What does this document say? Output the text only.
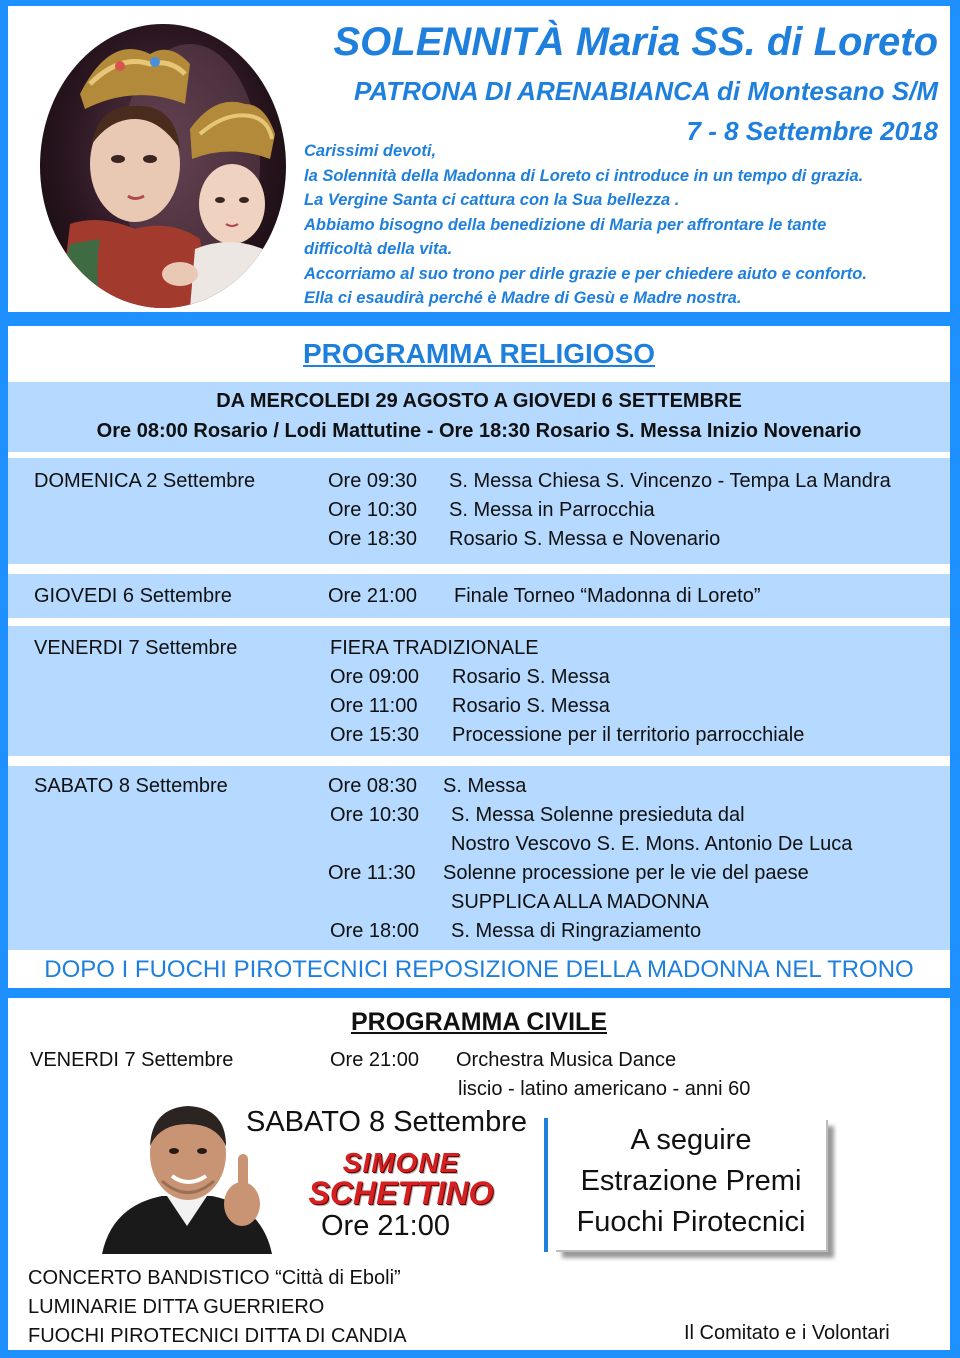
SOLENNITÀ Maria SS. di Loreto
PATRONA DI ARENABIANCA di Montesano S/M
7 - 8 Settembre 2018
Carissimi devoti,
la Solennità della Madonna di Loreto ci introduce in un tempo di grazia.
La Vergine Santa ci cattura con la Sua bellezza .
Abbiamo bisogno della benedizione di Maria per affrontare le tante
difficoltà della vita.
Accorriamo al suo trono per dirle grazie e per chiedere aiuto e conforto.
Ella ci esaudirà perché è Madre di Gesù e Madre nostra.
PROGRAMMA RELIGIOSO
DA MERCOLEDI 29 AGOSTO A GIOVEDI 6 SETTEMBRE
Ore 08:00 Rosario / Lodi Mattutine - Ore 18:30 Rosario S. Messa Inizio Novenario
DOMENICA 2 Settembre	Ore 09:30 S. Messa Chiesa S. Vincenzo - Tempa La Mandra
Ore 10:30 S. Messa in Parrocchia
Ore 18:30 Rosario S. Messa e Novenario
GIOVEDI 6 Settembre	Ore 21:00 Finale Torneo “Madonna di Loreto”
VENERDI 7 Settembre	FIERA TRADIZIONALE
Ore 09:00 Rosario S. Messa
Ore 11:00 Rosario S. Messa
Ore 15:30 Processione per il territorio parrocchiale
SABATO 8 Settembre	Ore 08:30 S. Messa
Ore 10:30 S. Messa Solenne presieduta dal
Nostro Vescovo S. E. Mons. Antonio De Luca
Ore 11:30 Solenne processione per le vie del paese
SUPPLICA ALLA MADONNA
Ore 18:00 S. Messa di Ringraziamento
DOPO I FUOCHI PIROTECNICI REPOSIZIONE DELLA MADONNA NEL TRONO
PROGRAMMA CIVILE
VENERDI 7 Settembre	Ore 21:00 Orchestra Musica Dance
liscio - latino americano - anni 60
SABATO 8 Settembre
SIMONE
SCHETTINO
Ore 21:00
A seguire
Estrazione Premi
Fuochi Pirotecnici
CONCERTO BANDISTICO “Città di Eboli”
LUMINARIE DITTA GUERRIERO
FUOCHI PIROTECNICI DITTA DI CANDIA	Il Comitato e i Volontari
